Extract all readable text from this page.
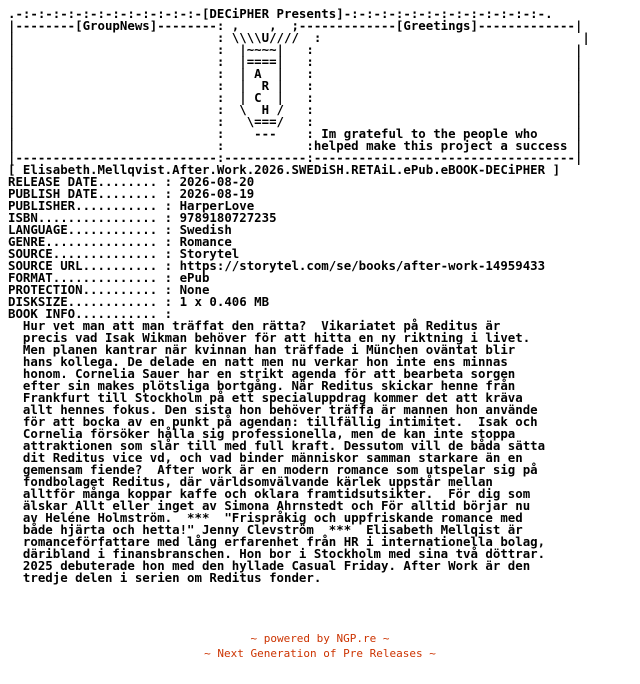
.-:-:-:-:-:-:-:-:-:-:-:-:-[DECiPHER Presents]-:-:-:-:-:-:-:-:-:-:-:-:-:-.
|--------[GroupNews]--------: ,    ,  ;-------------[Greetings]-------------|
|                           : \\\\U////  :                                   |
|                           :  |~~~~|   :                                   |
|                           :  |====|   :                                   |
|                           :  | A  |   :                                   |
|                           :  |  R |   :                                   |
|                           :  | C  |   :                                   |
|                           :  \  H /   :                                   |
|                           :   \===/   :                                   |
|                           :    ---    : Im grateful to the people who     |
|                           :           :helped make this project a success |
|---------------------------:-----------:-----------------------------------|
[ Elisabeth.Mellqvist.After.Work.2026.SWEDiSH.RETAiL.ePub.eBOOK-DECiPHER ]
RELEASE DATE........ : 2026-08-20
PUBLISH DATE........ : 2026-08-19
PUBLISHER........... : HarperLove
ISBN................ : 9789180727235
LANGUAGE............ : Swedish
GENRE............... : Romance
SOURCE.............. : Storytel
SOURCE URL.......... : https://storytel.com/se/books/after-work-14959433
FORMAT.............. : ePub
PROTECTION.......... : None
DISKSIZE............ : 1 x 0.406 MB
BOOK INFO........... :
Hur vet man att man träffat den rätta?  Vikariatet på Reditus är
precis vad Isak Wikman behöver för att hitta en ny riktning i livet.
Men planen kantrar när kvinnan han träffade i München oväntat blir
hans kollega. De delade en natt men nu verkar hon inte ens minnas
honom. Cornelia Sauer har en strikt agenda för att bearbeta sorgen
efter sin makes plötsliga bortgång. När Reditus skickar henne från
Frankfurt till Stockholm på ett specialuppdrag kommer det att kräva
allt hennes fokus. Den sista hon behöver träffa är mannen hon använde
för att bocka av en punkt på agendan: tillfällig intimitet.  Isak och
Cornelia försöker hålla sig professionella, men de kan inte stoppa
attraktionen som slår till med full kraft. Dessutom vill de båda sätta
dit Reditus vice vd, och vad binder människor samman starkare än en
gemensam fiende?  After work är en modern romance som utspelar sig på
fondbolaget Reditus, där världsomvälvande kärlek uppstår mellan
alltför många koppar kaffe och oklara framtidsutsikter.  För dig som
älskar Allt eller inget av Simona Ahrnstedt och För alltid börjar nu
av Heléne Holmström.  ***  "Frispråkig och uppfriskande romance med
både hjärta och hetta!" Jenny Clevström  ***  Elisabeth Mellqist är
romanceförfattare med lång erfarenhet från HR i internationella bolag,
däribland i finansbranschen. Hon bor i Stockholm med sina två döttrar.
2025 debuterade hon med den hyllade Casual Friday. After Work är den
tredje delen i serien om Reditus fonder.
~ powered by NGP.re ~
~ Next Generation of Pre Releases ~
